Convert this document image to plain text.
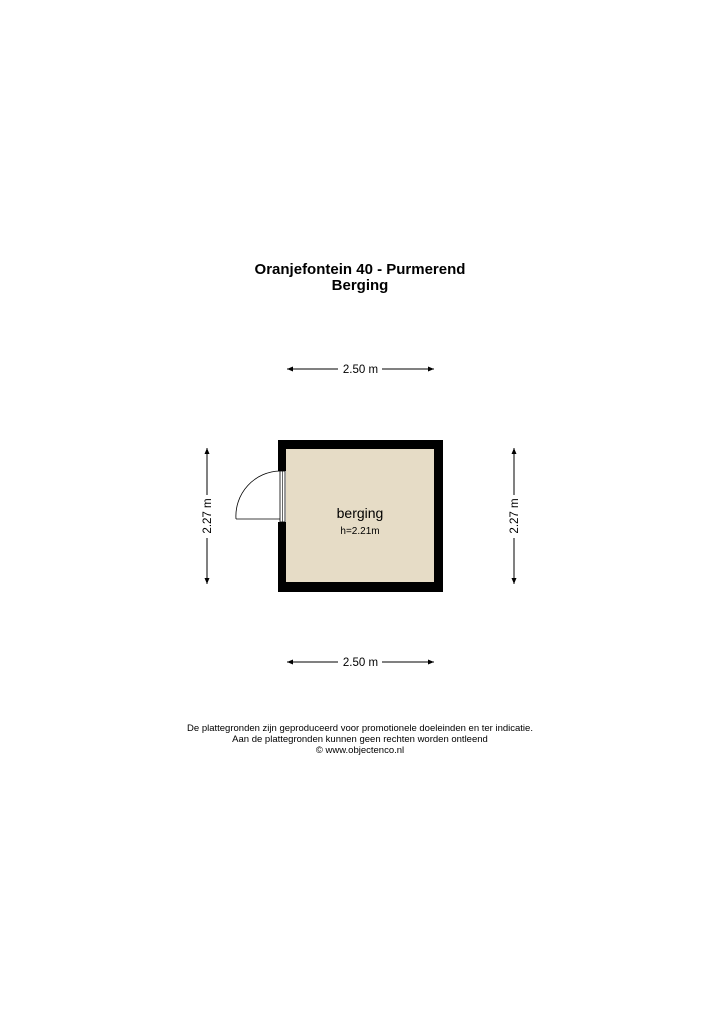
Oranjefontein 40 - Purmerend
Berging
2.50 m
2.50 m
2.27 m	2.27 m
berging
h=2.21m
De plattegronden zijn geproduceerd voor promotionele doeleinden en ter indicatie.
Aan de plattegronden kunnen geen rechten worden ontleend
© www.objectenco.nl
